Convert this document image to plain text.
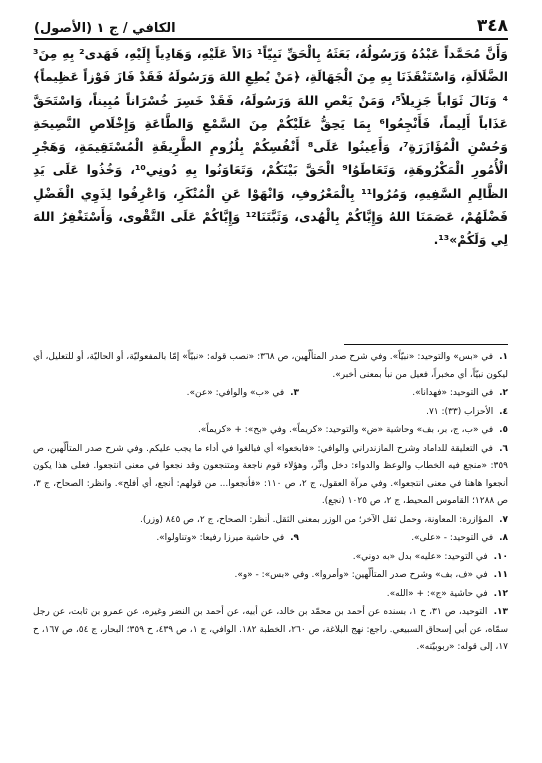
٣٤٨
الكافي / ج ١ (الأصول)

وَأَنَّ مُحَمَّداً عَبْدُهُ وَرَسُولُهُ، بَعَثَهُ بِالْحَقِّ نَبِيّاً¹ دَالاً عَلَيْهِ، وَهَادِياً إِلَيْهِ، فَهَدى² بِهِ مِنَ³ الضَّلَالَةِ، وَاسْتَنْقَذَنَا بِهِ مِنَ الْجَهَالَةِ، ﴿مَنْ يُطِعِ اللهَ وَرَسُولَهُ فَقَدْ فَازَ فَوْزاً عَظِيماً﴾⁴ وَنَالَ ثَوَاباً جَزِيلاً⁵، وَمَنْ يَعْصِ اللهَ وَرَسُولَهُ، فَقَدْ خَسِرَ خُسْرَاناً مُبِيناً، وَاسْتَحَقَّ عَذَاباً أَلِيماً، فَأَنْجِعُوا⁶ بِمَا يَحِقُّ عَلَيْكُمْ مِنَ السَّمْعِ وَالطَّاعَةِ وَإِخْلَاصِ النَّصِيحَةِ وَحُسْنِ الْمُؤَازَرَةِ⁷، وَأَعِينُوا عَلَى⁸ أَنْفُسِكُمْ بِلُزُومِ الطَّرِيقَةِ الْمُسْتَقِيمَةِ، وَهَجْرِ الْأُمُورِ الْمَكْرُوهَةِ، وَتَعَاطَوُا⁹ الْحَقَّ بَيْنَكُمْ، وَتَعَاوَنُوا بِهِ دُونِي¹⁰، وَخُذُوا عَلَى يَدِ الظَّالِمِ السَّفِيهِ، وَمُرُوا¹¹ بِالْمَعْرُوفِ، وَانْهَوْا عَنِ الْمُنْكَرِ، وَاعْرِفُوا لِذَوِي الْفَضْلِ فَضْلَهُمْ، عَصَمَنَا اللهُ وَإِيَّاكُمْ بِالْهُدى، وَثَبَّتَنَا¹² وَإِيَّاكُمْ عَلَى التَّقْوى، وَأَسْتَغْفِرُ اللهَ لِي وَلَكُمْ»¹³.

١. في «بس» والتوحيد: «نبيّاً». وفي شرح صدر المتألّهين، ص ٣٦٨: «نصب قوله: «نبيّاً» إمّا بالمفعوليّة، أو الحاليّة، أو للتعليل، أي ليكون نبيّاً، أي مخبراً، فعيل من نبأ بمعنى أخبر».

٢. في التوحيد: «فهدانا».

٣. في «ب» والوافي: «عن».

٤. الأحزاب (٣٣): ٧١.

٥. في «ب، ج، بر، بف» وحاشية «ض» والتوحيد: «كريماً». وفي «بح»: + «كريماً».

٦. في التعليقة للداماد وشرح المازندراني والوافي: «فابخعوا» أي فبالغوا في أداء ما يجب عليكم. وفي شرح صدر المتألّهين، ص ٣٥٩: «منجع فيه الخطاب والوعظ والدواء: دخل وأثّر، وهؤلاء قوم ناجعة ومتنجعون وقد نجعوا في معنى انتجعوا. فعلى هذا يكون أنجعوا هاهنا في معنى انتجعوا». وفي مرآة العقول، ج ٢، ص ١١٠: «فأنجعوا... من قولهم: أنجع، أي أفلح». وانظر: الصحاح، ج ٣، ص ١٢٨٨؛ القاموس المحيط، ج ٢، ص ١٠٢٥ (نجع).

٧. المؤازرة: المعاونة، وحمل ثقل الآخر؛ من الوزر بمعنى الثقل. أنظر: الصحاح، ج ٢، ص ٨٤٥ (وزر).

٨. في التوحيد: - «على».

٩. في حاشية ميرزا رفيعا: «وتناولوا».

١٠. في التوحيد: «عليه» بدل «به دوني».

١١. في «ف، بف» وشرح صدر المتألّهين: «وأمروا». وفي «بس»: - «و».

١٢. في حاشية «ج»: + «الله».

١٣. التوحيد، ص ٣١، ح ١، بسنده عن أحمد بن محمّد بن خالد، عن أبيه، عن أحمد بن النضر وغيره، عن عمرو بن ثابت، عن رجل سمّاه، عن أبي إسحاق السبيعي. راجع: نهج البلاغة، ص ٢٦٠، الخطبة ١٨٢. الوافي، ج ١، ص ٤٣٩، ح ٣٥٩؛ البحار، ج ٥٤، ص ١٦٧، ح ١٧، إلى قوله: «ربوبيّته».
